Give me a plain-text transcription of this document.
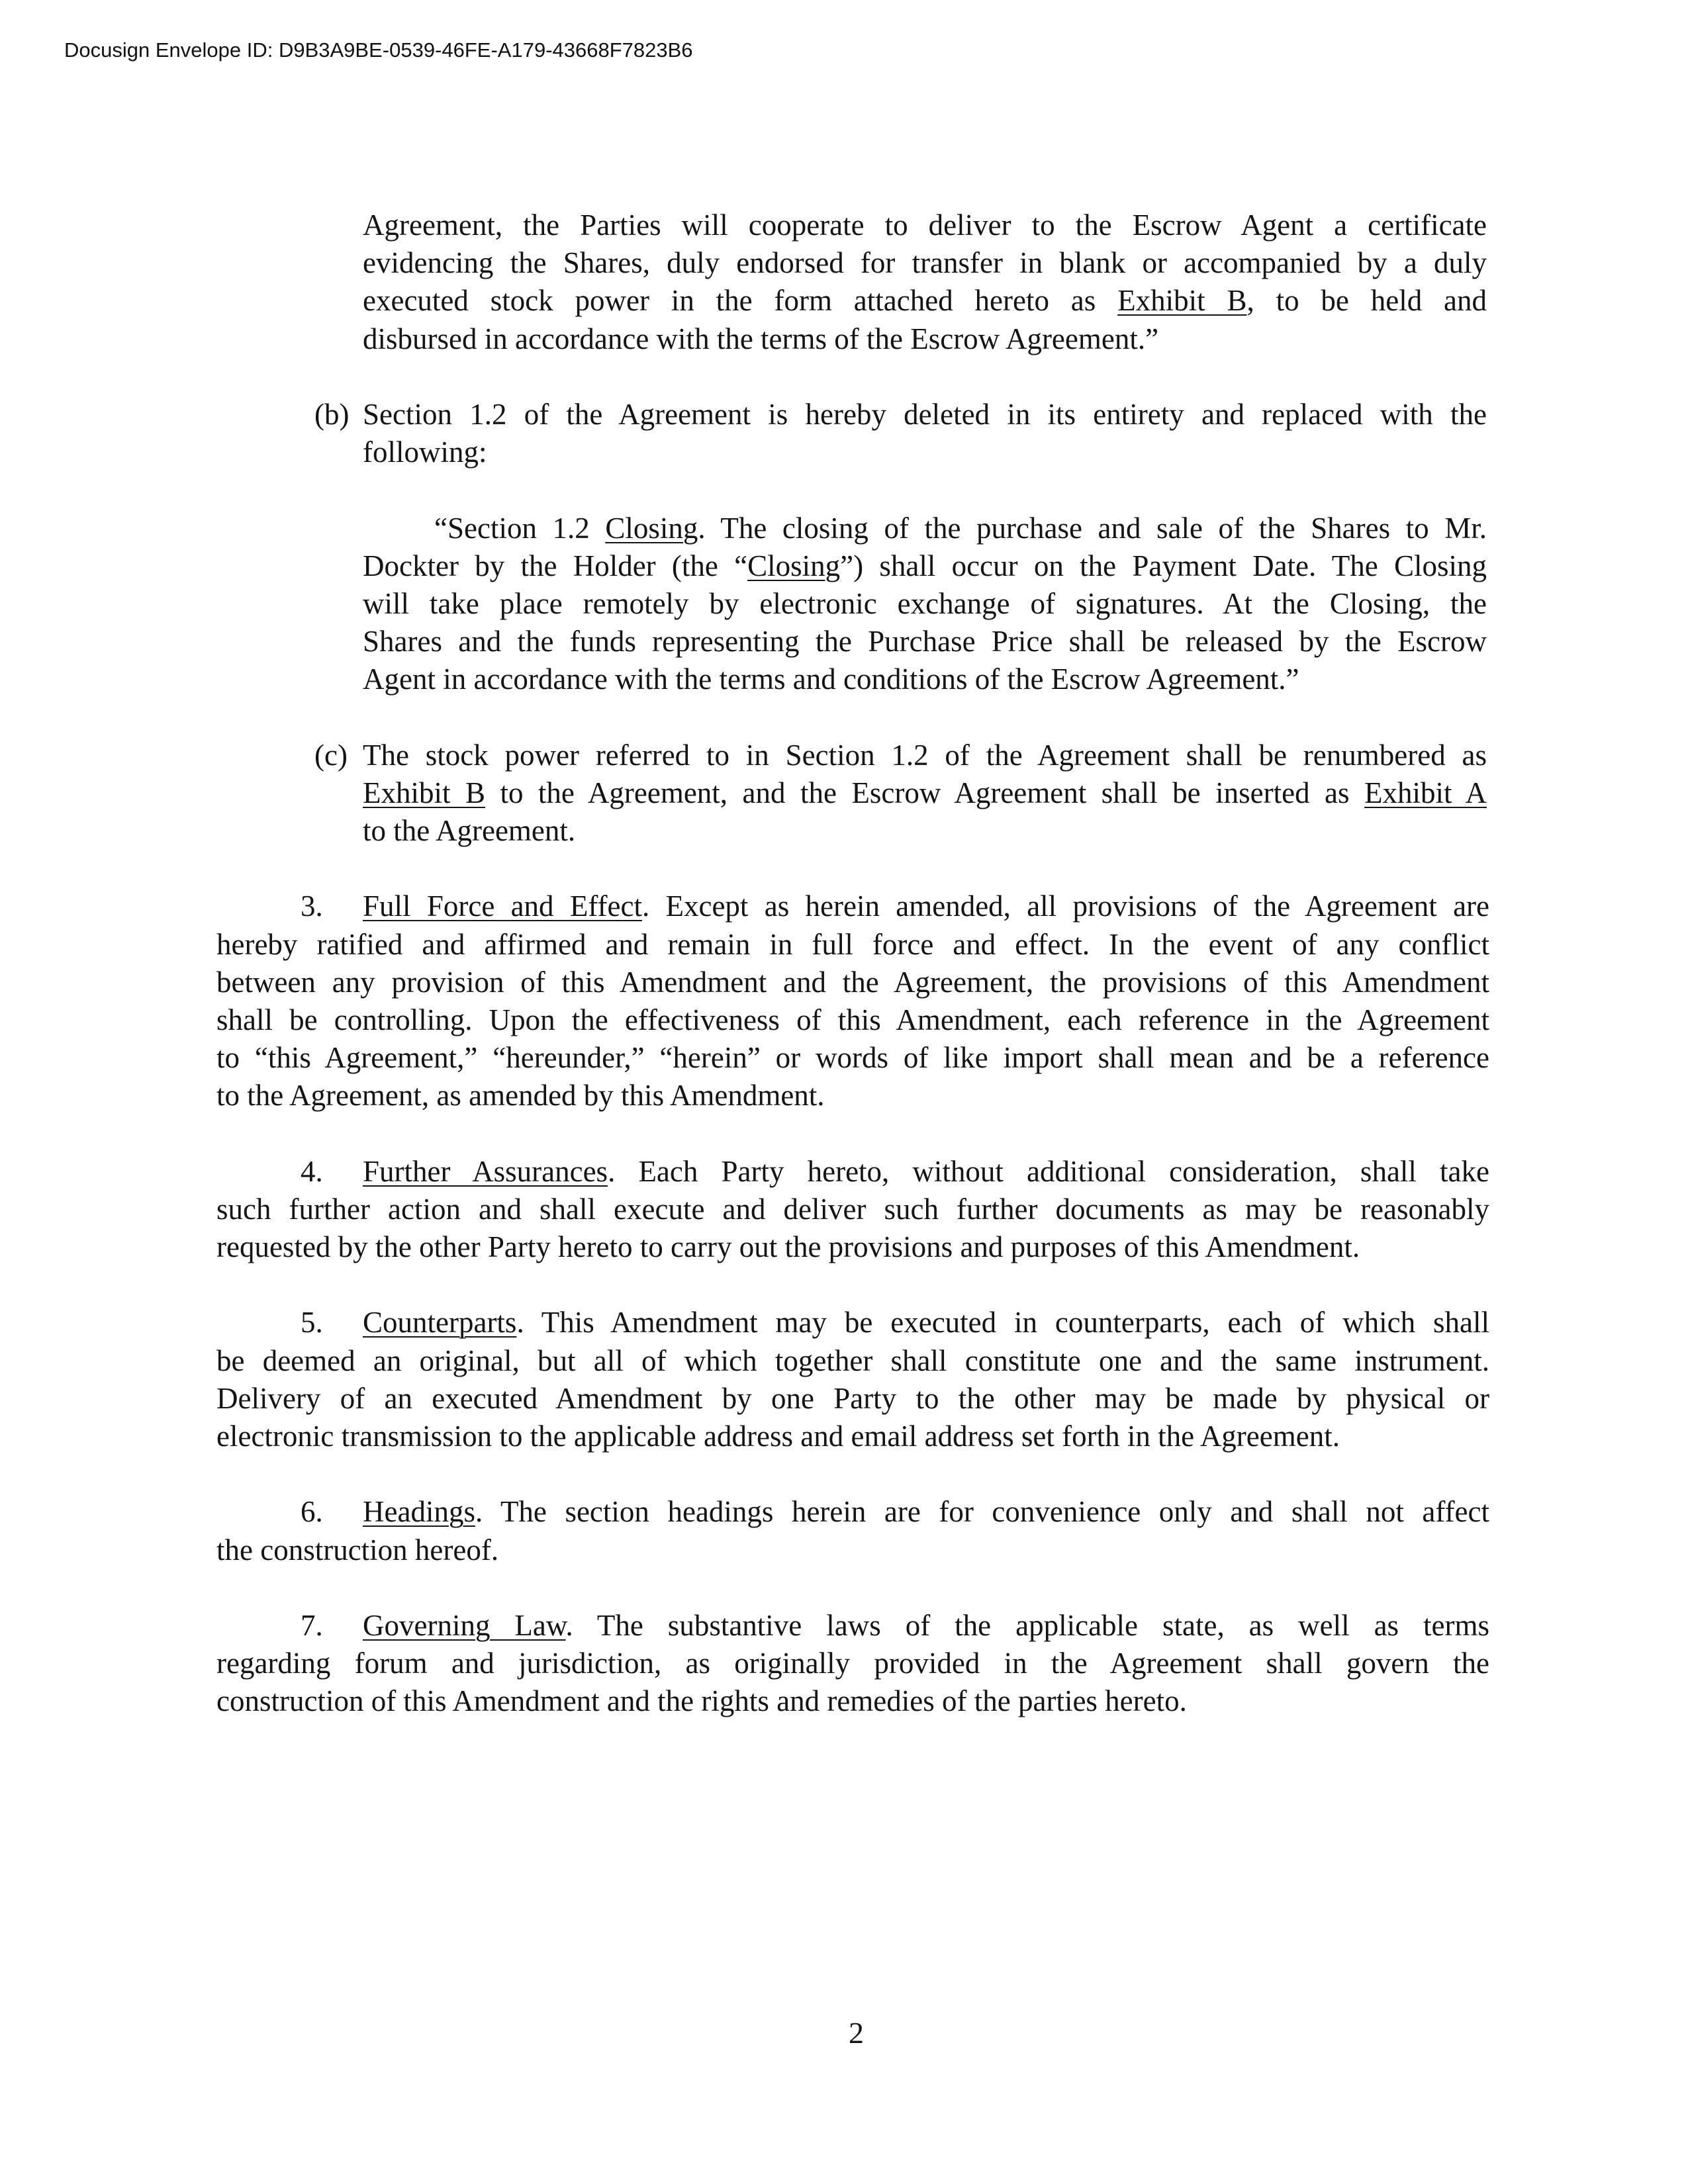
Docusign Envelope ID: D9B3A9BE-0539-46FE-A179-43668F7823B6
Agreement, the Parties will cooperate to deliver to the Escrow Agent a certificate
evidencing the Shares, duly endorsed for transfer in blank or accompanied by a duly
executed stock power in the form attached hereto as Exhibit B, to be held and
disbursed in accordance with the terms of the Escrow Agreement.”
(b) Section 1.2 of the Agreement is hereby deleted in its entirety and replaced with the
following:
“Section 1.2 Closing. The closing of the purchase and sale of the Shares to Mr.
Dockter by the Holder (the “Closing”) shall occur on the Payment Date. The Closing
will take place remotely by electronic exchange of signatures. At the Closing, the
Shares and the funds representing the Purchase Price shall be released by the Escrow
Agent in accordance with the terms and conditions of the Escrow Agreement.”
(c) The stock power referred to in Section 1.2 of the Agreement shall be renumbered as
Exhibit B to the Agreement, and the Escrow Agreement shall be inserted as Exhibit A
to the Agreement.
3. Full Force and Effect. Except as herein amended, all provisions of the Agreement are
hereby ratified and affirmed and remain in full force and effect. In the event of any conflict
between any provision of this Amendment and the Agreement, the provisions of this Amendment
shall be controlling. Upon the effectiveness of this Amendment, each reference in the Agreement
to “this Agreement,” “hereunder,” “herein” or words of like import shall mean and be a reference
to the Agreement, as amended by this Amendment.
4. Further Assurances. Each Party hereto, without additional consideration, shall take
such further action and shall execute and deliver such further documents as may be reasonably
requested by the other Party hereto to carry out the provisions and purposes of this Amendment.
5. Counterparts. This Amendment may be executed in counterparts, each of which shall
be deemed an original, but all of which together shall constitute one and the same instrument.
Delivery of an executed Amendment by one Party to the other may be made by physical or
electronic transmission to the applicable address and email address set forth in the Agreement.
6. Headings. The section headings herein are for convenience only and shall not affect
the construction hereof.
7. Governing Law. The substantive laws of the applicable state, as well as terms
regarding forum and jurisdiction, as originally provided in the Agreement shall govern the
construction of this Amendment and the rights and remedies of the parties hereto.
2
